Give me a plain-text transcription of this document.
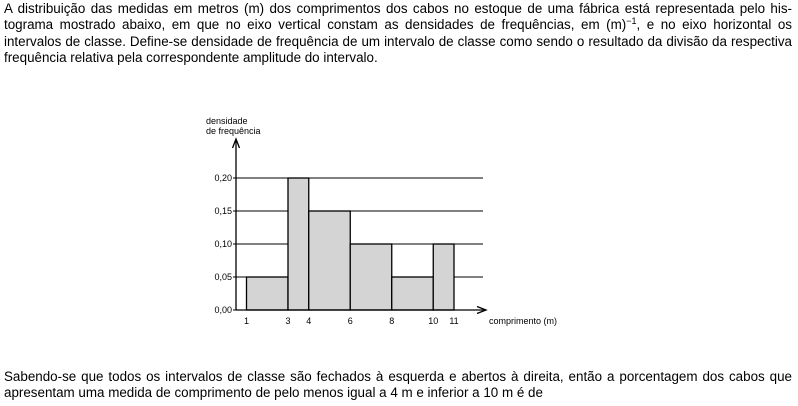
A distribuição das medidas em metros (m) dos comprimentos dos cabos no estoque de uma fábrica está representada pelo his- tograma mostrado abaixo, em que no eixo vertical constam as densidades de frequências, em $(m)^{-1}$, e no eixo horizontal os intervalos de classe. Define-se densidade de frequência de um intervalo de classe como sendo o resultado da divisão da respectiva frequência relativa pela correspondente amplitude do intervalo.

densidade
de frequência
comprimento (m)
0,00
0,05
0,10
0,15
0,20
1	3 4	6	8	10 11

Sabendo-se que todos os intervalos de classe são fechados à esquerda e abertos à direita, então a porcentagem dos cabos que apresentam uma medida de comprimento de pelo menos igual a 4 m e inferior a 10 m é de
